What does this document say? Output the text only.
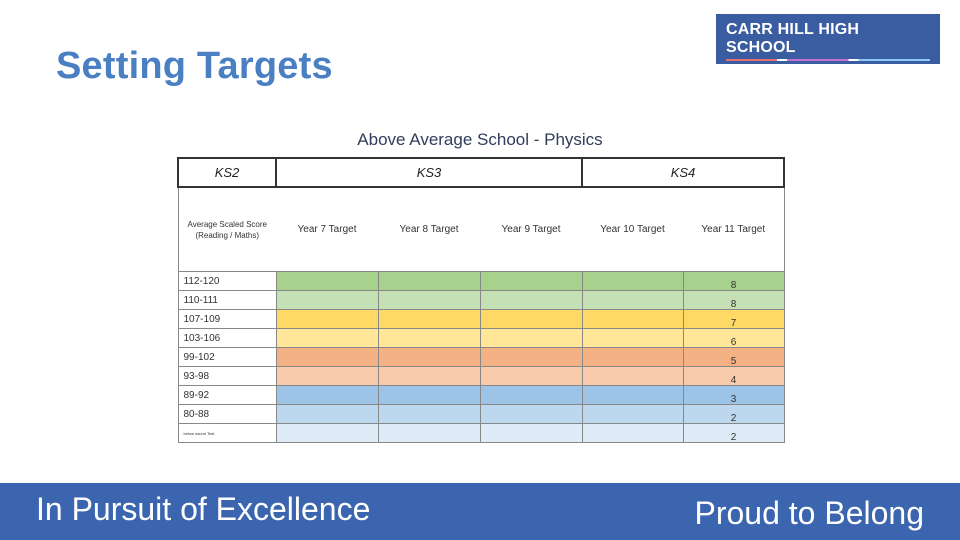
Setting Targets
CARR HILL HIGH SCHOOL
& Sixth Form Centre
Above Average School - Physics
KS2	KS3			KS4	
Average Scaled Score (Reading / Maths)	Year 7 Target	Year 8 Target	Year 9 Target	Year 10 Target	Year 11 Target
112-120					8
110-111					8
107-109					7
103-106					6
99-102					5
93-98					4
89-92					3
80-88					2
below sound Test					2
In Pursuit of Excellence	Proud to Belong
